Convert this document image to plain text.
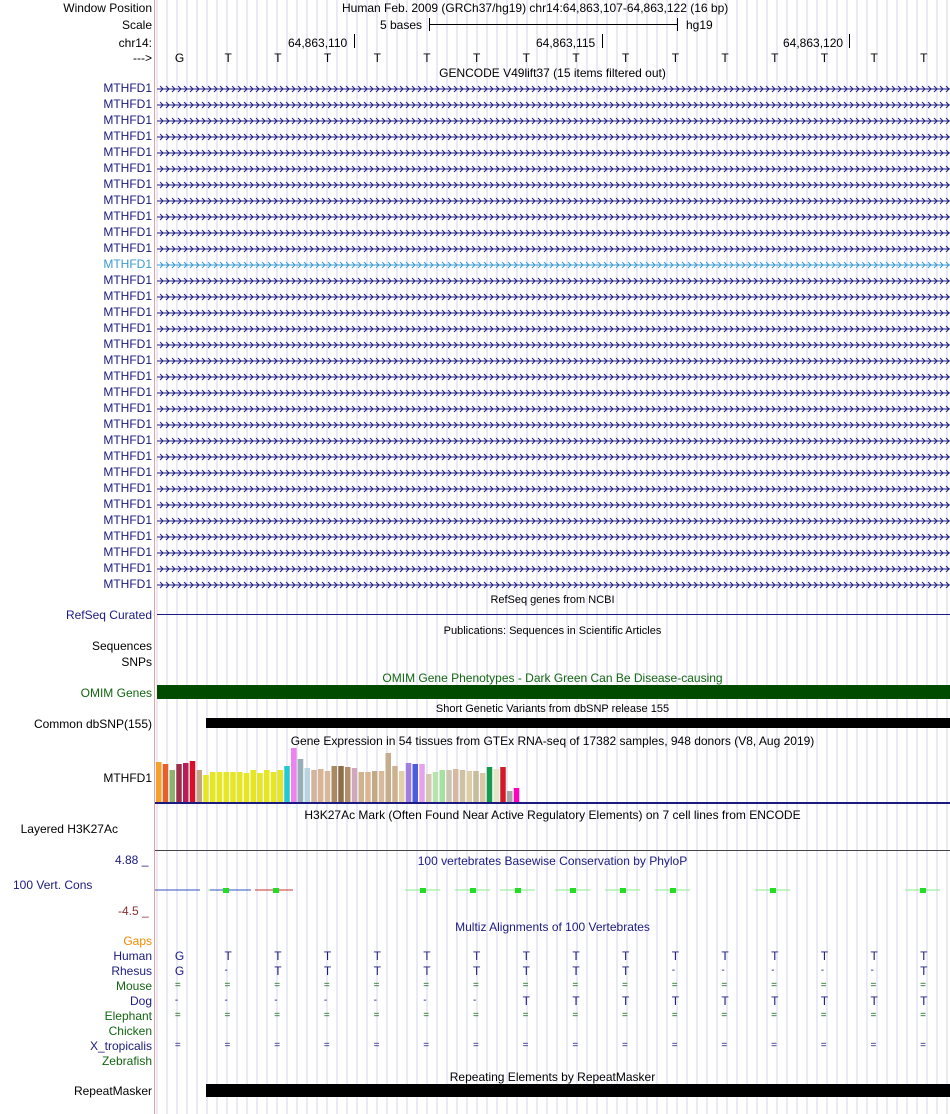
Window Position	Human Feb. 2009 (GRCh37/hg19) chr14:64,863,107-64,863,122 (16 bp)
Scale	5 bases	hg19
chr14:	64,863,110	64,863,115	64,863,120
---> G	T	T	T	T	T	T	T	T	T	T	T	T	T	T	T
GENCODE V49lift37 (15 items filtered out)
MTHFD1
MTHFD1
MTHFD1
MTHFD1
MTHFD1
MTHFD1
MTHFD1
MTHFD1
MTHFD1
MTHFD1
MTHFD1
MTHFD1
MTHFD1
MTHFD1
MTHFD1
MTHFD1
MTHFD1
MTHFD1
MTHFD1
MTHFD1
MTHFD1
MTHFD1
MTHFD1
MTHFD1
MTHFD1
MTHFD1
MTHFD1
MTHFD1
MTHFD1
MTHFD1
MTHFD1
MTHFD1
RefSeq genes from NCBI
RefSeq Curated
Publications: Sequences in Scientific Articles
Sequences
SNPs
OMIM Gene Phenotypes - Dark Green Can Be Disease-causing
OMIM Genes
Short Genetic Variants from dbSNP release 155
Common dbSNP(155)
Gene Expression in 54 tissues from GTEx RNA-seq of 17382 samples, 948 donors (V8, Aug 2019)
MTHFD1
H3K27Ac Mark (Often Found Near Active Regulatory Elements) on 7 cell lines from ENCODE
Layered H3K27Ac
100 vertebrates Basewise Conservation by PhyloP
4.88 _
100 Vert. Cons
-4.5 _
Multiz Alignments of 100 Vertebrates
Gaps
Human G	T	T	T	T	T	T	T	T	T	T	T	T	T	T	T
Rhesus G	-	T	T	T	T	T	T	T	T	-	-	-	-	-	T
Mouse =	=	=	=	=	=	=	=	=	=	=	=	=	=	=	=
Dog -	-	-	-	-	-	-	T	T	T	T	T	T	T	T	T
Elephant =	=	=	=	=	=	=	=	=	=	=	=	=	=	=	=
Chicken
X_tropicalis =	=	=	=	=	=	=	=	=	=	=	=	=	=	=	=
Zebrafish
Repeating Elements by RepeatMasker
RepeatMasker
